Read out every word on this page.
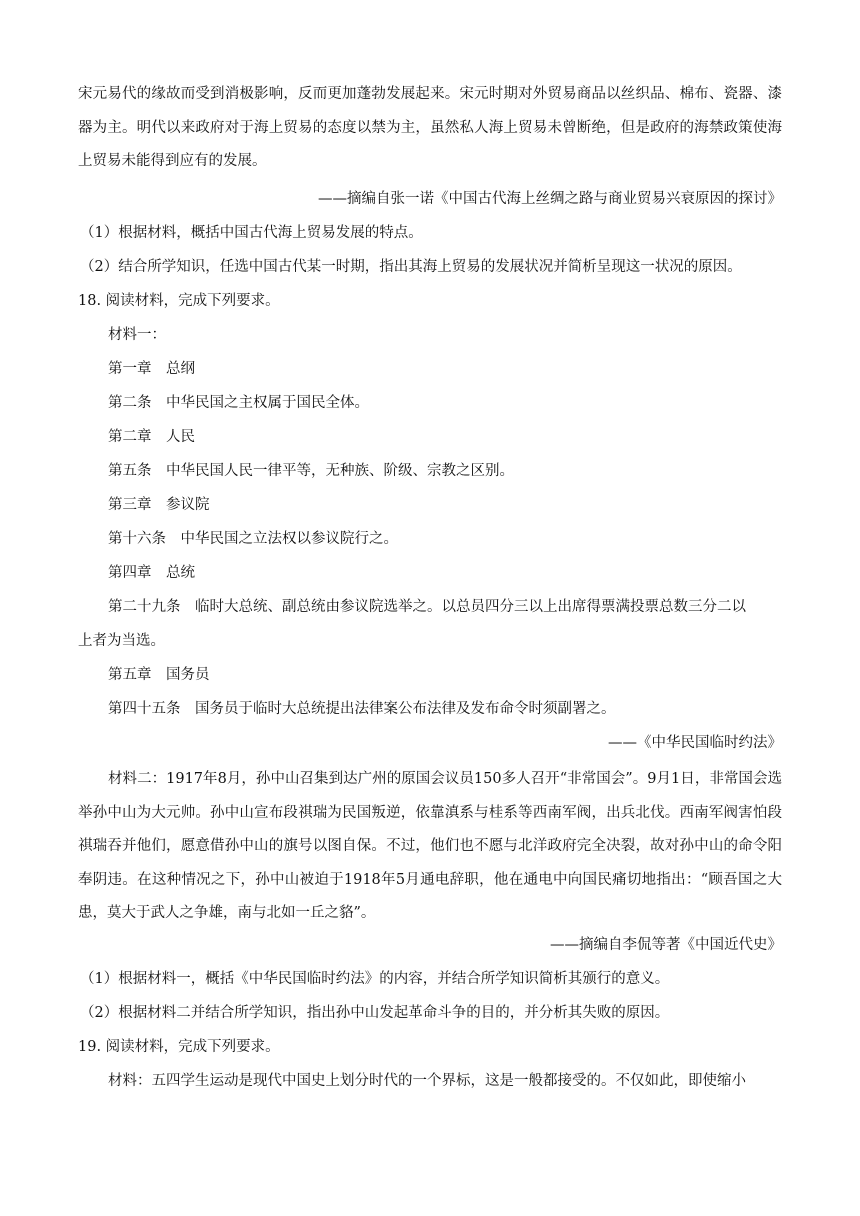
宋元易代的缘故而受到消极影响，反而更加蓬勃发展起来。宋元时期对外贸易商品以丝织品、棉布、瓷器、漆器为主。明代以来政府对于海上贸易的态度以禁为主，虽然私人海上贸易未曾断绝，但是政府的海禁政策使海上贸易未能得到应有的发展。
——摘编自张一诺《中国古代海上丝绸之路与商业贸易兴衰原因的探讨》
（1）根据材料，概括中国古代海上贸易发展的特点。
（2）结合所学知识，任选中国古代某一时期，指出其海上贸易的发展状况并简析呈现这一状况的原因。
18. 阅读材料，完成下列要求。
材料一：
第一章　总纲
第二条　中华民国之主权属于国民全体。
第二章　人民
第五条　中华民国人民一律平等，无种族、阶级、宗教之区别。
第三章　参议院
第十六条　中华民国之立法权以参议院行之。
第四章　总统
第二十九条　临时大总统、副总统由参议院选举之。以总员四分三以上出席得票满投票总数三分二以
上者为当选。
第五章　国务员
第四十五条　国务员于临时大总统提出法律案公布法律及发布命令时须副署之。
——《中华民国临时约法》
材料二：1917年8月，孙中山召集到达广州的原国会议员150多人召开“非常国会”。9月1日，非常国会选举孙中山为大元帅。孙中山宣布段祺瑞为民国叛逆，依靠滇系与桂系等西南军阀，出兵北伐。西南军阀害怕段祺瑞吞并他们，愿意借孙中山的旗号以图自保。不过，他们也不愿与北洋政府完全决裂，故对孙中山的命令阳奉阴违。在这种情况之下，孙中山被迫于1918年5月通电辞职，他在通电中向国民痛切地指出：“顾吾国之大患，莫大于武人之争雄，南与北如一丘之貉”。
——摘编自李侃等著《中国近代史》
（1）根据材料一，概括《中华民国临时约法》的内容，并结合所学知识简析其颁行的意义。
（2）根据材料二并结合所学知识，指出孙中山发起革命斗争的目的，并分析其失败的原因。
19. 阅读材料，完成下列要求。
材料：五四学生运动是现代中国史上划分时代的一个界标，这是一般都接受的。不仅如此，即使缩小
